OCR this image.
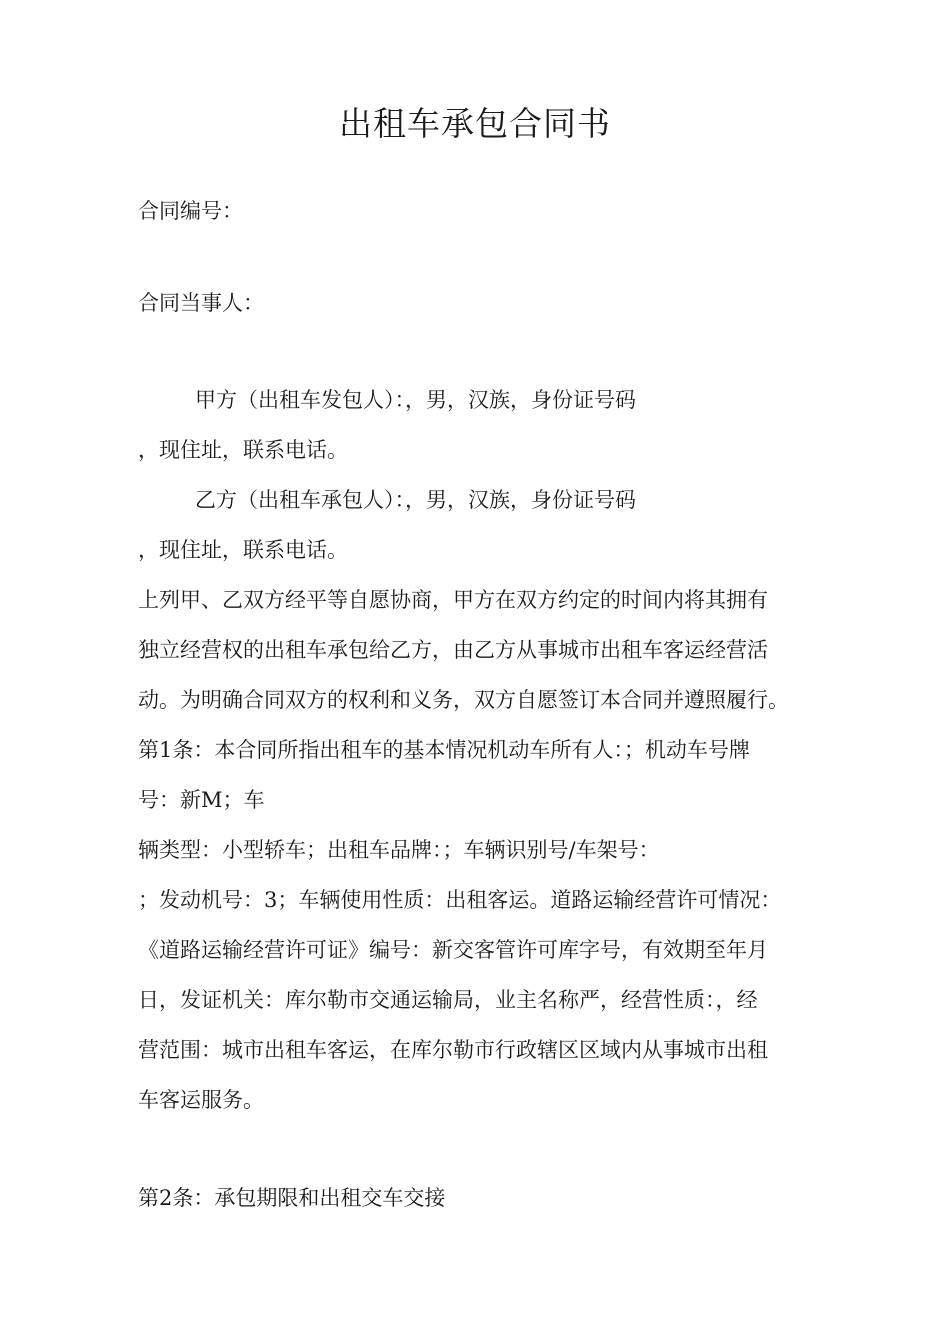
出租车承包合同书
合同编号：
合同当事人：
甲方（出租车发包人）：，男，汉族，身份证号码
，现住址，联系电话。
乙方（出租车承包人）：，男，汉族，身份证号码
，现住址，联系电话。
上列甲、乙双方经平等自愿协商，甲方在双方约定的时间内将其拥有
独立经营权的出租车承包给乙方，由乙方从事城市出租车客运经营活
动。为明确合同双方的权利和义务，双方自愿签订本合同并遵照履行。
第1条：本合同所指出租车的基本情况机动车所有人：；机动车号牌
号：新M；车
辆类型：小型轿车；出租车品牌：；车辆识别号/车架号：
；发动机号：3；车辆使用性质：出租客运。道路运输经营许可情况：
《道路运输经营许可证》编号：新交客管许可库字号，有效期至年月
日，发证机关：库尔勒市交通运输局，业主名称严，经营性质：，经
营范围：城市出租车客运，在库尔勒市行政辖区区域内从事城市出租
车客运服务。
第2条：承包期限和出租交车交接
